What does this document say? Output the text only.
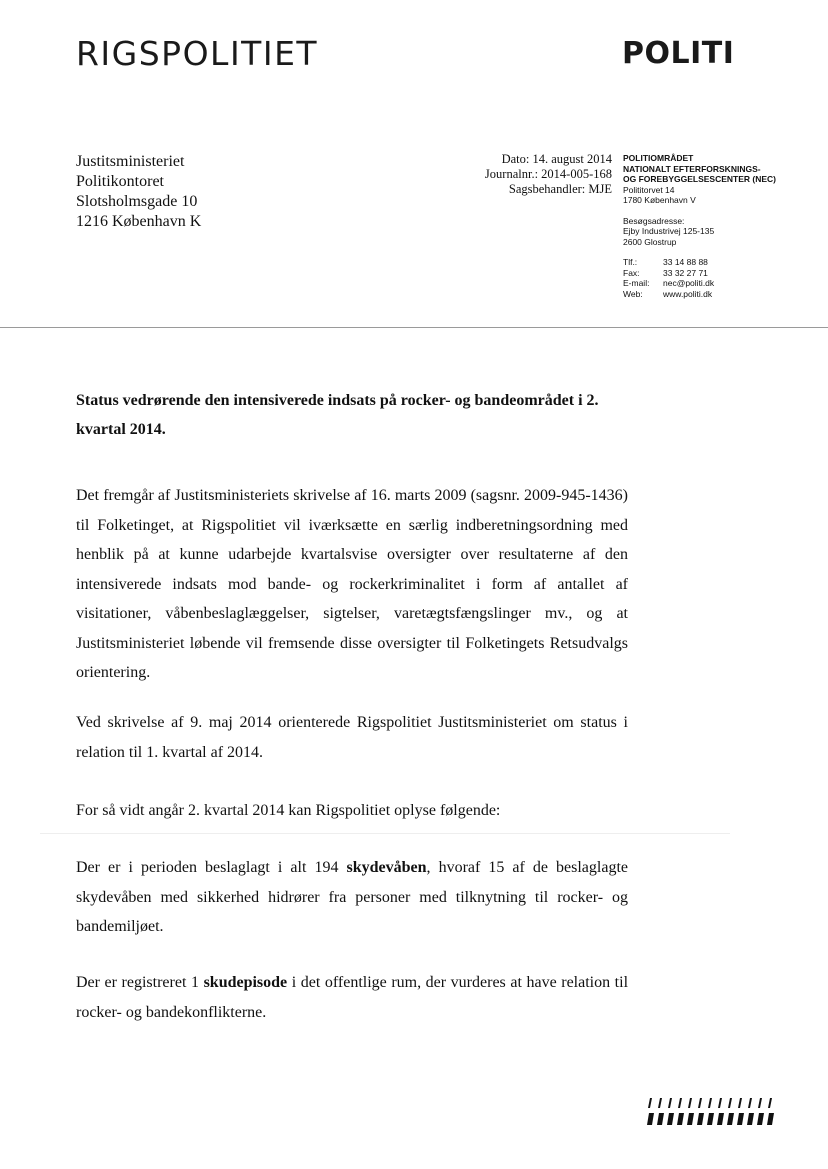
RIGSPOLITIET	POLITI
Justitsministeriet
Politikontoret
Slotsholmsgade 10
1216 København K
Dato: 14. august 2014
Journalnr.: 2014-005-168
Sagsbehandler: MJE
POLITIOMRÅDET
NATIONALT EFTERFORSKNINGS-
OG FOREBYGGELSESCENTER (NEC)
Polititorvet 14
1780 København V
Besøgsadresse:
Ejby Industrivej 125-135
2600 Glostrup
Tlf.:	33 14 88 88
Fax:	33 32 27 71
E-mail:	nec@politi.dk
Web:	www.politi.dk
Status vedrørende den intensiverede indsats på rocker- og bandeområdet i 2. kvartal 2014.
Det fremgår af Justitsministeriets skrivelse af 16. marts 2009 (sagsnr. 2009-945-1436) til Folketinget, at Rigspolitiet vil iværksætte en særlig indberetningsordning med henblik på at kunne udarbejde kvartalsvise oversigter over resultaterne af den intensiverede indsats mod bande- og rockerkriminalitet i form af antallet af visitationer, våbenbeslaglæggelser, sigtelser, varetægtsfængslinger mv., og at Justitsministeriet løbende vil fremsende disse oversigter til Folketingets Retsudvalgs orientering.
Ved skrivelse af 9. maj 2014 orienterede Rigspolitiet Justitsministeriet om status i relation til 1. kvartal af 2014.
For så vidt angår 2. kvartal 2014 kan Rigspolitiet oplyse følgende:
Der er i perioden beslaglagt i alt 194 skydevåben, hvoraf 15 af de beslaglagte skydevåben med sikkerhed hidrører fra personer med tilknytning til rocker- og bandemiljøet.
Der er registreret 1 skudepisode i det offentlige rum, der vurderes at have relation til rocker- og bandekonflikterne.
